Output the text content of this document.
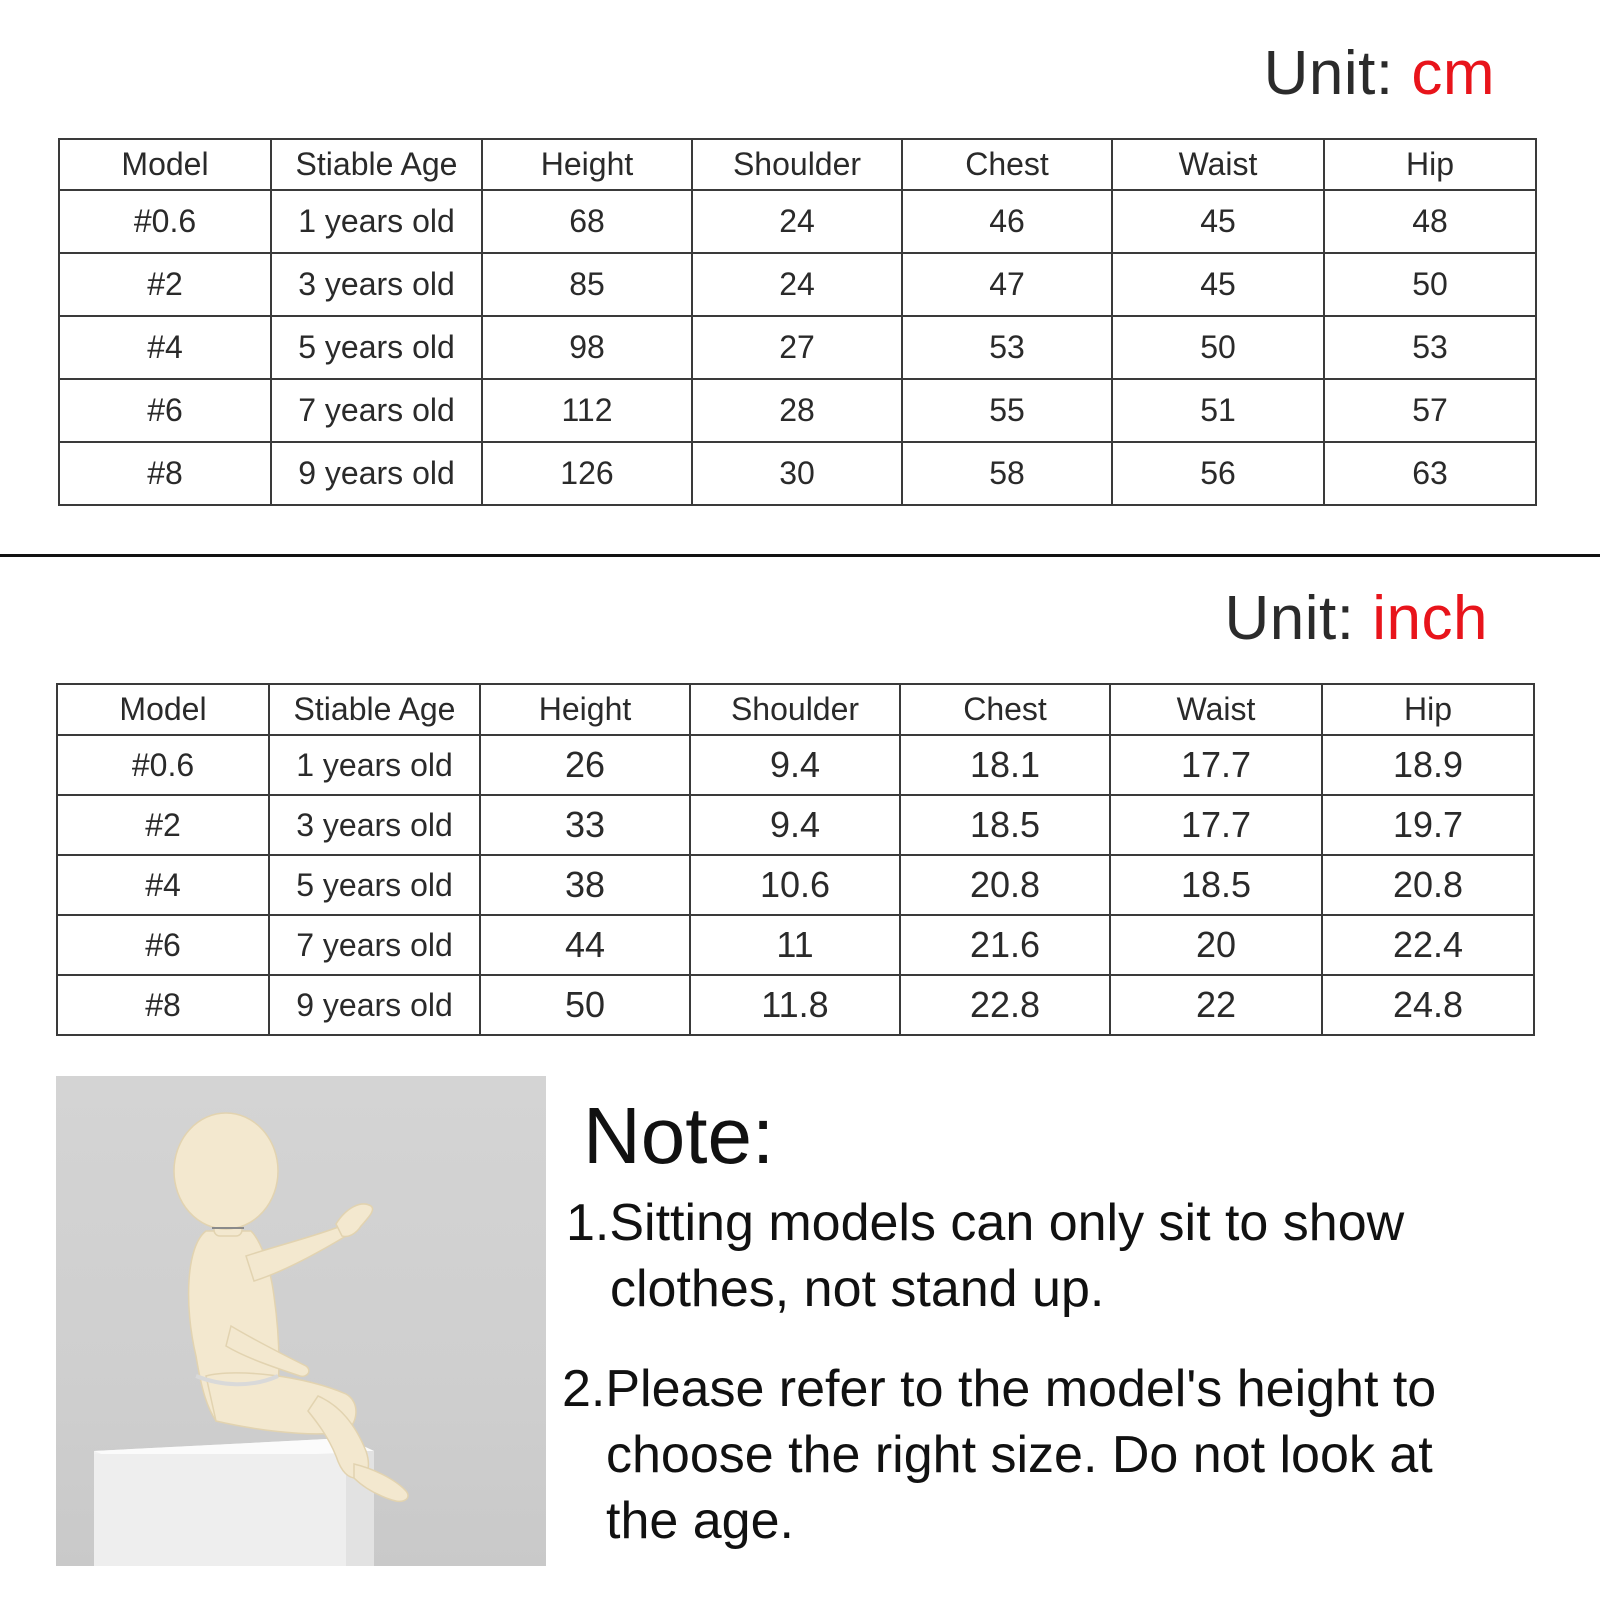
Unit: cm
Model	Stiable Age	Height	Shoulder	Chest	Waist	Hip
#0.6	1 years old	68	24	46	45	48
#2	3 years old	85	24	47	45	50
#4	5 years old	98	27	53	50	53
#6	7 years old	112	28	55	51	57
#8	9 years old	126	30	58	56	63
Unit: inch
Model	Stiable Age	Height	Shoulder	Chest	Waist	Hip
#0.6	1 years old	26	9.4	18.1	17.7	18.9
#2	3 years old	33	9.4	18.5	17.7	19.7
#4	5 years old	38	10.6	20.8	18.5	20.8
#6	7 years old	44	11	21.6	20	22.4
#8	9 years old	50	11.8	22.8	22	24.8
Note:
1.Sitting models can only sit to show
clothes, not stand up.
2.Please refer to the model's height to
choose the right size. Do not look at
the age.
